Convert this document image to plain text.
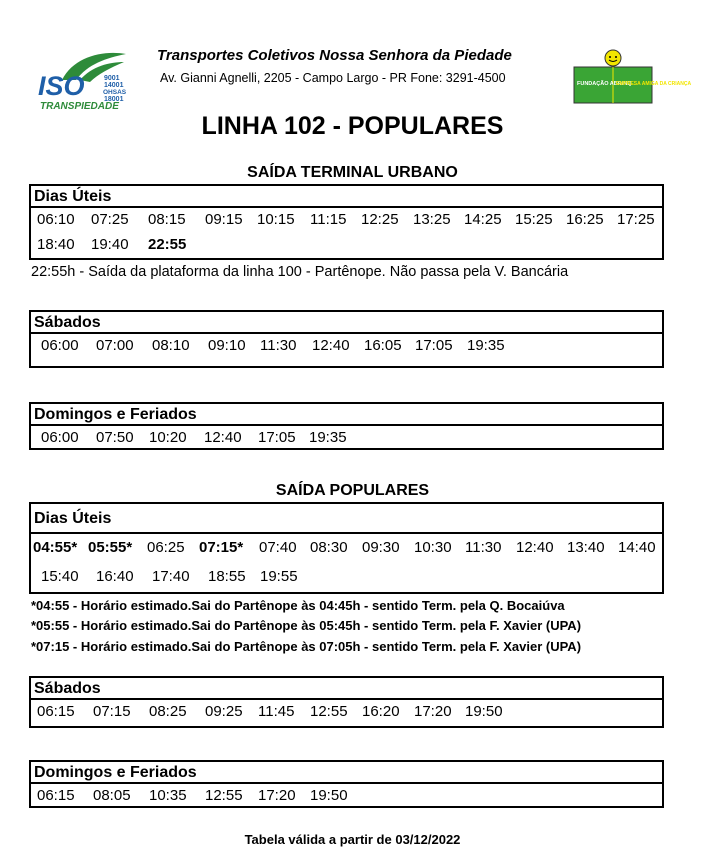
ISO	9001
14001
OHSAS
18001
TRANSPIEDADE
Transportes Coletivos Nossa Senhora da Piedade
Av. Gianni Agnelli, 2205 - Campo Largo - PR Fone: 3291-4500	FUNDAÇÃO ABRINQ
EMPRESA AMIGA DA CRIANÇA
LINHA 102 - POPULARES
SAÍDA TERMINAL URBANO
Dias Úteis
06:10 07:25 08:15 09:15 10:15 11:15 12:25 13:25 14:25 15:25 16:25 17:25
18:40 19:40 22:55
22:55h - Saída da plataforma da linha 100 - Partênope. Não passa pela V. Bancária
Sábados
06:00 07:00 08:10 09:10 11:30 12:40 16:05 17:05 19:35
Domingos e Feriados
06:00 07:50 10:20 12:40 17:05 19:35
SAÍDA POPULARES
Dias Úteis
04:55* 05:55* 06:25 07:15* 07:40 08:30 09:30 10:30 11:30 12:40 13:40 14:40
15:40 16:40 17:40 18:55 19:55
*04:55 - Horário estimado.Sai do Partênope às 04:45h - sentido Term. pela Q. Bocaiúva
*05:55 - Horário estimado.Sai do Partênope às 05:45h - sentido Term. pela F. Xavier (UPA)
*07:15 - Horário estimado.Sai do Partênope às 07:05h - sentido Term. pela F. Xavier (UPA)
Sábados
06:15 07:15 08:25 09:25 11:45 12:55 16:20 17:20 19:50
Domingos e Feriados
06:15 08:05 10:35 12:55 17:20 19:50
Tabela válida a partir de 03/12/2022
